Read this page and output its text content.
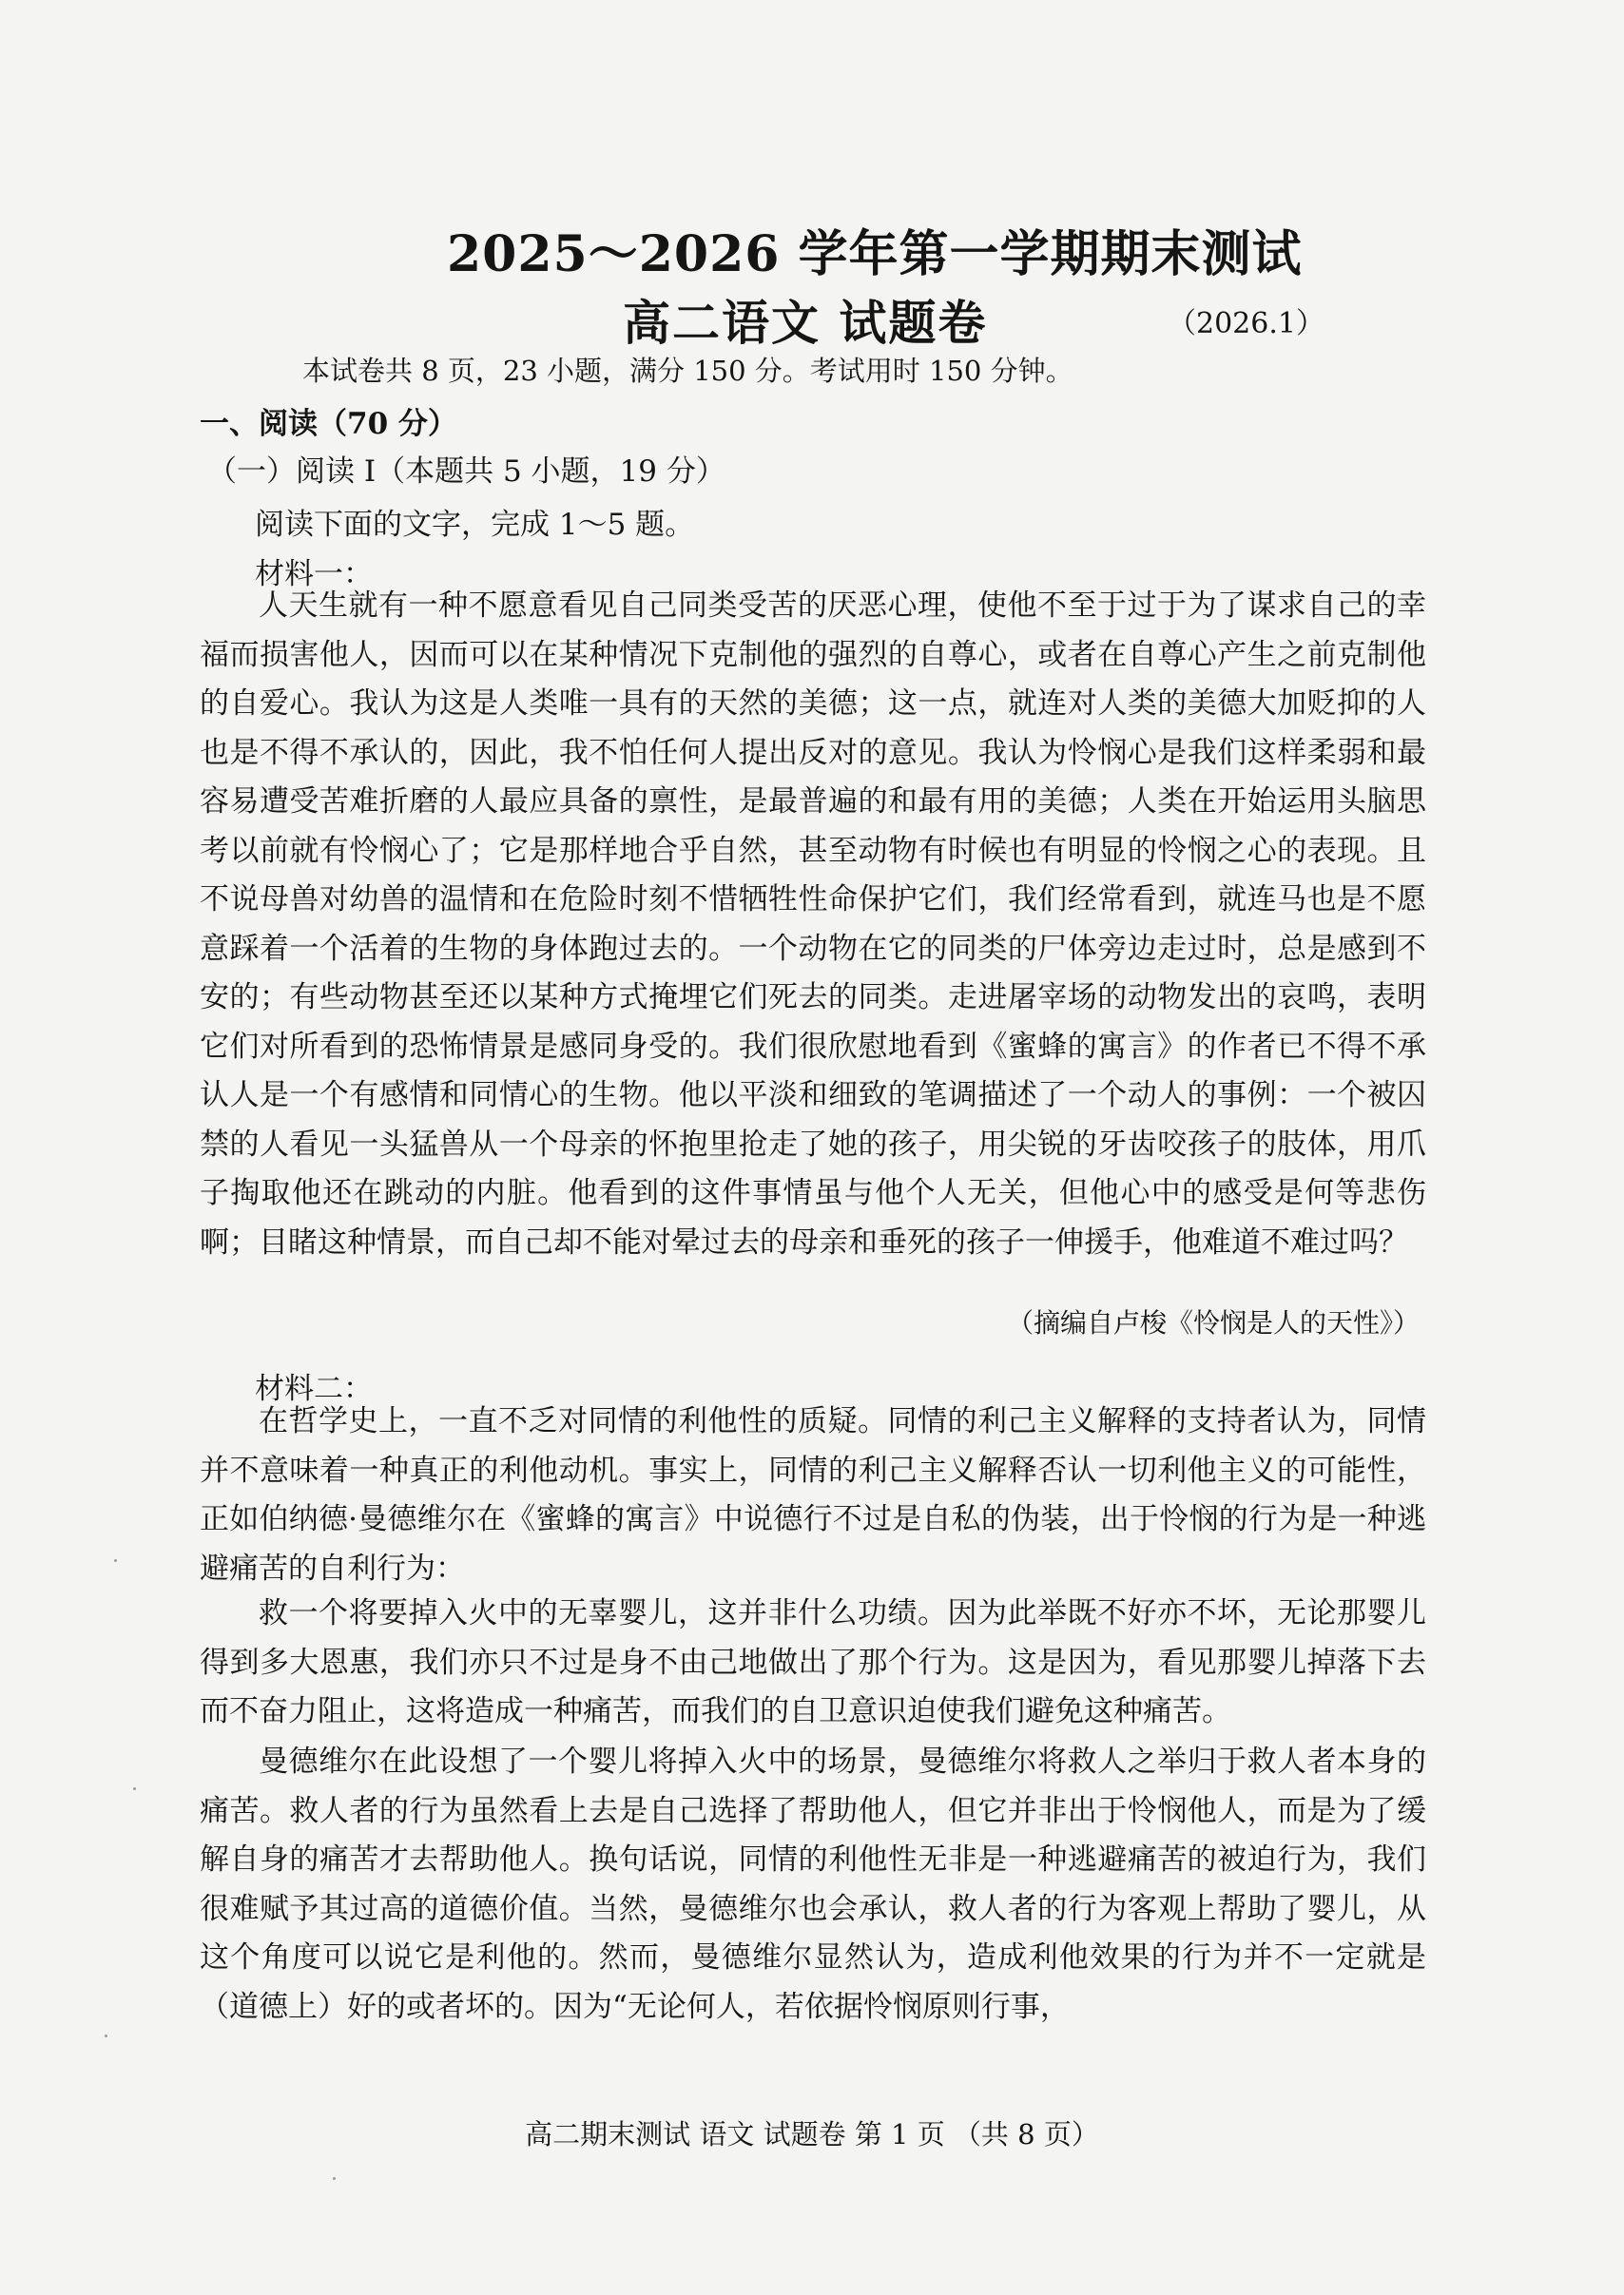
2025～2026 学年第一学期期末测试
高二语文 试题卷	（2026.1）
本试卷共 8 页，23 小题，满分 150 分。考试用时 150 分钟。
一、阅读（70 分）
（一）阅读 I（本题共 5 小题，19 分）
阅读下面的文字，完成 1～5 题。
材料一：

人天生就有一种不愿意看见自己同类受苦的厌恶心理，使他不至于过于为了谋求自己的幸福而损害他人，因而可以在某种情况下克制他的强烈的自尊心，或者在自尊心产生之前克制他的自爱心。我认为这是人类唯一具有的天然的美德；这一点，就连对人类的美德大加贬抑的人也是不得不承认的，因此，我不怕任何人提出反对的意见。我认为怜悯心是我们这样柔弱和最容易遭受苦难折磨的人最应具备的禀性，是最普遍的和最有用的美德；人类在开始运用头脑思考以前就有怜悯心了；它是那样地合乎自然，甚至动物有时候也有明显的怜悯之心的表现。且不说母兽对幼兽的温情和在危险时刻不惜牺牲性命保护它们，我们经常看到，就连马也是不愿意踩着一个活着的生物的身体跑过去的。一个动物在它的同类的尸体旁边走过时，总是感到不安的；有些动物甚至还以某种方式掩埋它们死去的同类。走进屠宰场的动物发出的哀鸣，表明它们对所看到的恐怖情景是感同身受的。我们很欣慰地看到《蜜蜂的寓言》的作者已不得不承认人是一个有感情和同情心的生物。他以平淡和细致的笔调描述了一个动人的事例：一个被囚禁的人看见一头猛兽从一个母亲的怀抱里抢走了她的孩子，用尖锐的牙齿咬孩子的肢体，用爪子掏取他还在跳动的内脏。他看到的这件事情虽与他个人无关，但他心中的感受是何等悲伤啊；目睹这种情景，而自己却不能对晕过去的母亲和垂死的孩子一伸援手，他难道不难过吗？

（摘编自卢梭《怜悯是人的天性》）
材料二：

在哲学史上，一直不乏对同情的利他性的质疑。同情的利己主义解释的支持者认为，同情并不意味着一种真正的利他动机。事实上，同情的利己主义解释否认一切利他主义的可能性，正如伯纳德·曼德维尔在《蜜蜂的寓言》中说德行不过是自私的伪装，出于怜悯的行为是一种逃避痛苦的自利行为：

救一个将要掉入火中的无辜婴儿，这并非什么功绩。因为此举既不好亦不坏，无论那婴儿得到多大恩惠，我们亦只不过是身不由己地做出了那个行为。这是因为，看见那婴儿掉落下去而不奋力阻止，这将造成一种痛苦，而我们的自卫意识迫使我们避免这种痛苦。

曼德维尔在此设想了一个婴儿将掉入火中的场景，曼德维尔将救人之举归于救人者本身的痛苦。救人者的行为虽然看上去是自己选择了帮助他人，但它并非出于怜悯他人，而是为了缓解自身的痛苦才去帮助他人。换句话说，同情的利他性无非是一种逃避痛苦的被迫行为，我们很难赋予其过高的道德价值。当然，曼德维尔也会承认，救人者的行为客观上帮助了婴儿，从这个角度可以说它是利他的。然而，曼德维尔显然认为，造成利他效果的行为并不一定就是（道德上）好的或者坏的。因为“无论何人，若依据怜悯原则行事，

高二期末测试 语文 试题卷 第 1 页 （共 8 页）
